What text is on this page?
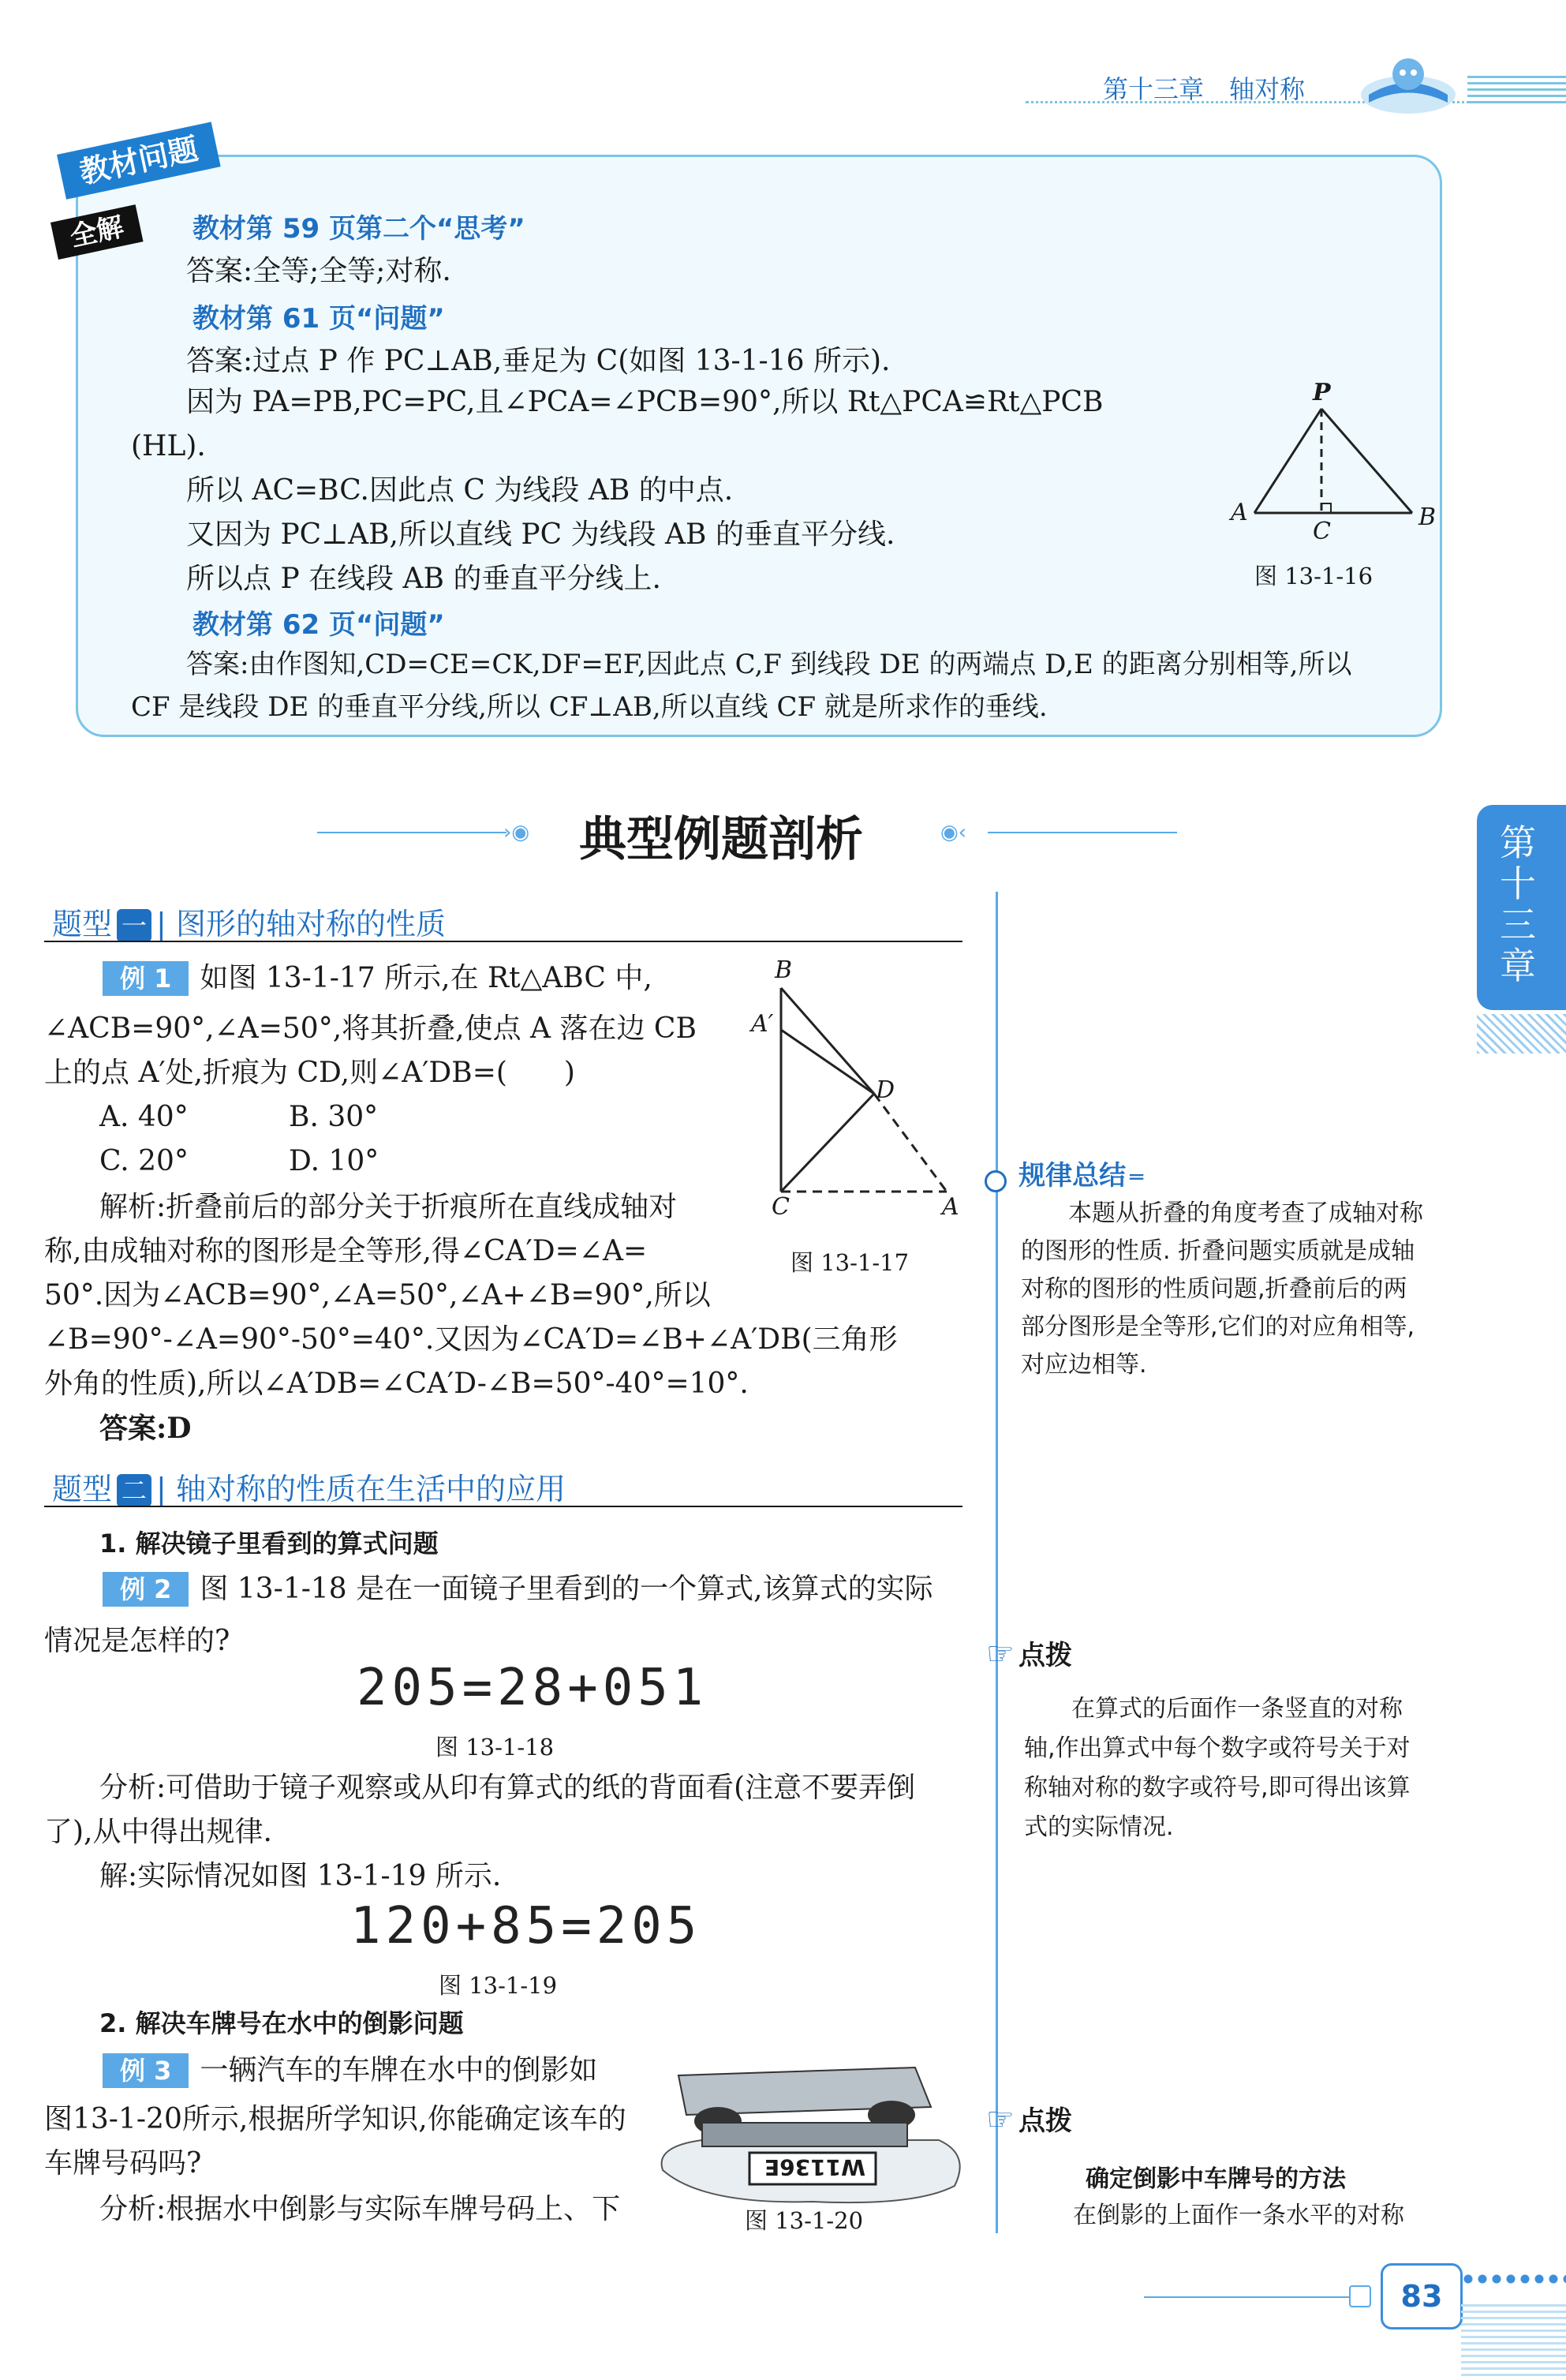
第十三章　轴对称
第十三章
教材问题
全解	教材第 59 页第二个“思考”
答案:全等;全等;对称.
教材第 61 页“问题”
答案:过点 P 作 PC⊥AB,垂足为 C(如图 13-1-16 所示).
因为 PA=PB,PC=PC,且∠PCA=∠PCB=90°,所以 Rt△PCA≌Rt△PCB
(HL).
所以 AC=BC.因此点 C 为线段 AB 的中点.
又因为 PC⊥AB,所以直线 PC 为线段 AB 的垂直平分线.
所以点 P 在线段 AB 的垂直平分线上.
教材第 62 页“问题”
答案:由作图知,CD=CE=CK,DF=EF,因此点 C,F 到线段 DE 的两端点 D,E 的距离分别相等,所以
CF 是线段 DE 的垂直平分线,所以 CF⊥AB,所以直线 CF 就是所求作的垂线.
P
A	B
C
图 13-1-16
›◉ 典型例题剖析	◉‹
题型 一 | 图形的轴对称的性质
例 1 如图 13-1-17 所示,在 Rt△ABC 中,
∠ACB=90°,∠A=50°,将其折叠,使点 A 落在边 CB
上的点 A′处,折痕为 CD,则∠A′DB=(　　)
A. 40°	B. 30°
C. 20°	D. 10°
解析:折叠前后的部分关于折痕所在直线成轴对
称,由成轴对称的图形是全等形,得∠CA′D=∠A=
50°.因为∠ACB=90°,∠A=50°,∠A+∠B=90°,所以
∠B=90°-∠A=90°-50°=40°.又因为∠CA′D=∠B+∠A′DB(三角形
外角的性质),所以∠A′DB=∠CA′D-∠B=50°-40°=10°.
答案:D
B
A′
D
C	A
图 13-1-17
题型 二 | 轴对称的性质在生活中的应用
1. 解决镜子里看到的算式问题
例 2 图 13-1-18 是在一面镜子里看到的一个算式,该算式的实际
情况是怎样的?
205=28+051
图 13-1-18
分析:可借助于镜子观察或从印有算式的纸的背面看(注意不要弄倒
了),从中得出规律.
解:实际情况如图 13-1-19 所示.
120+85=205
图 13-1-19
2. 解决车牌号在水中的倒影问题
例 3 一辆汽车的车牌在水中的倒影如
图13-1-20所示,根据所学知识,你能确定该车的
车牌号码吗?
分析:根据水中倒影与实际车牌号码上、下
W1136E
图 13-1-20
规律总结 ═
本题从折叠的角度考查了成轴对称
的图形的性质. 折叠问题实质就是成轴
对称的图形的性质问题,折叠前后的两
部分图形是全等形,它们的对应角相等,
对应边相等.
☞ 点拨
在算式的后面作一条竖直的对称
轴,作出算式中每个数字或符号关于对
称轴对称的数字或符号,即可得出该算
式的实际情况.
☞ 点拨
确定倒影中车牌号的方法
在倒影的上面作一条水平的对称
83
